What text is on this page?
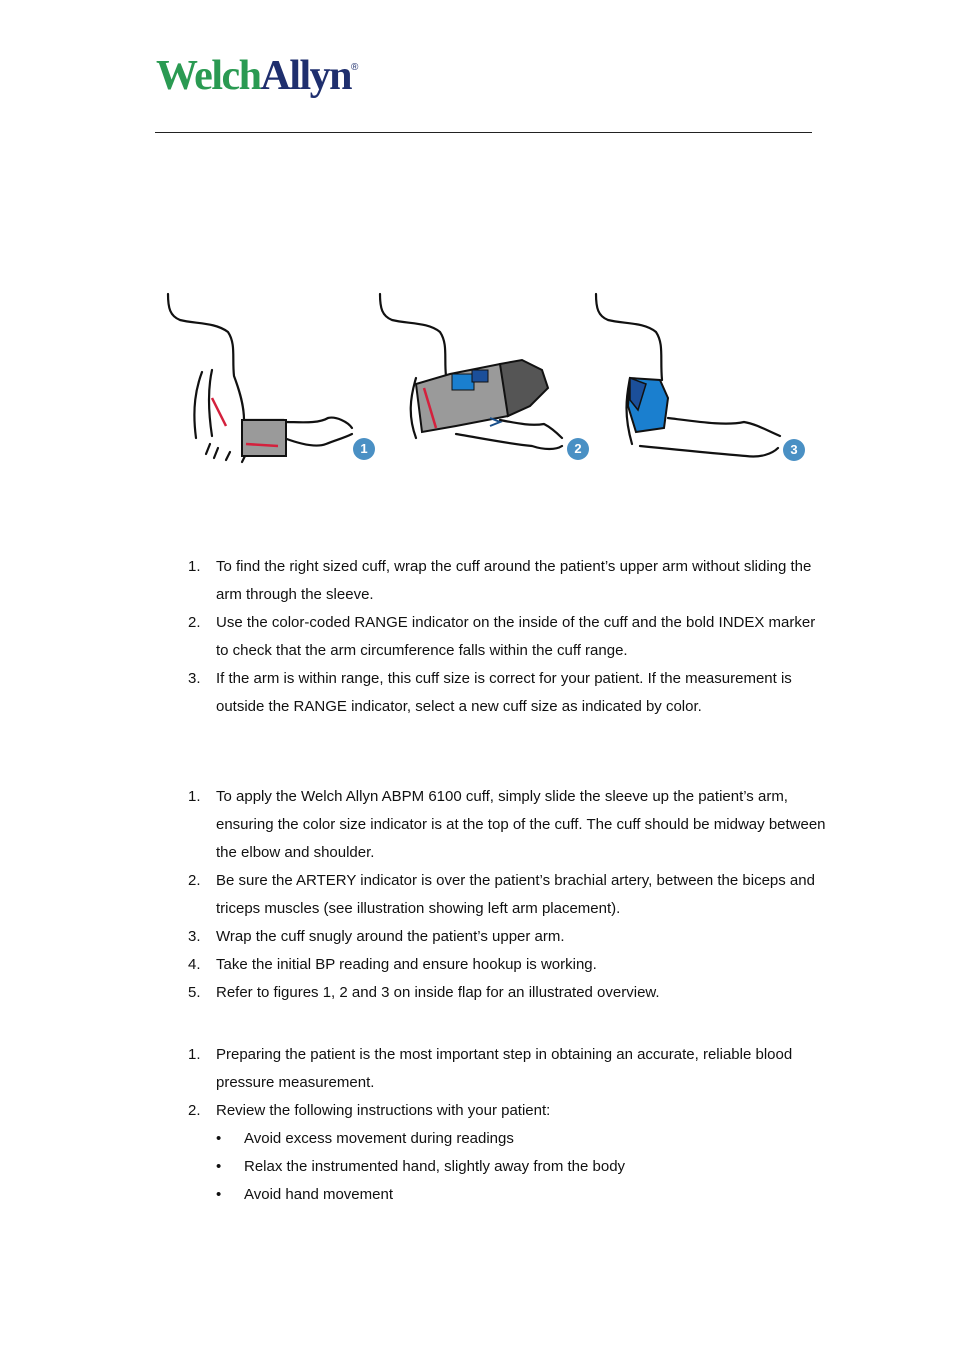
WelchAllyn®
1	2	3
1. To find the right sized cuff, wrap the cuff around the patient’s upper arm without sliding the arm through the sleeve.
2. Use the color-coded RANGE indicator on the inside of the cuff and the bold INDEX marker to check that the arm circumference falls within the cuff range.
3. If the arm is within range, this cuff size is correct for your patient. If the measurement is outside the RANGE indicator, select a new cuff size as indicated by color.
1. To apply the Welch Allyn ABPM 6100 cuff, simply slide the sleeve up the patient’s arm, ensuring the color size indicator is at the top of the cuff. The cuff should be midway between the elbow and shoulder.
2. Be sure the ARTERY indicator is over the patient’s brachial artery, between the biceps and triceps muscles (see illustration showing left arm placement).
3. Wrap the cuff snugly around the patient’s upper arm.
4. Take the initial BP reading and ensure hookup is working.
5. Refer to figures 1, 2 and 3 on inside flap for an illustrated overview.
1. Preparing the patient is the most important step in obtaining an accurate, reliable blood pressure measurement.
2. Review the following instructions with your patient:
• Avoid excess movement during readings
• Relax the instrumented hand, slightly away from the body
• Avoid hand movement
